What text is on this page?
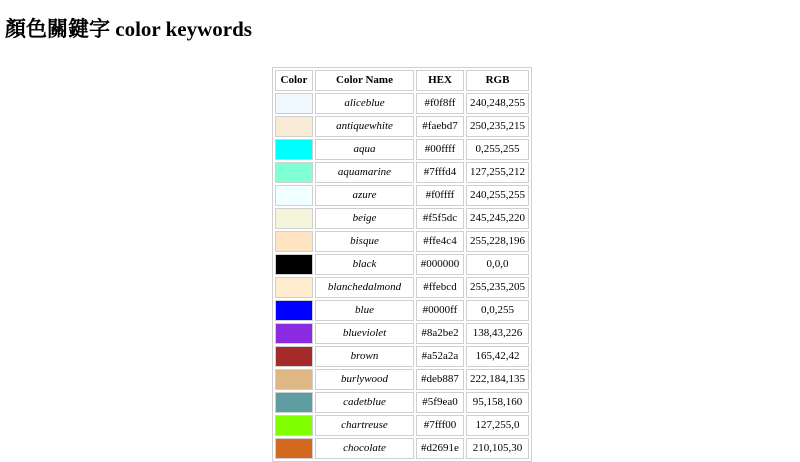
顏色關鍵字 color keywords
Color	Color Name	HEX	RGB
	aliceblue	#f0f8ff	240,248,255
	antiquewhite	#faebd7	250,235,215
	aqua	#00ffff	0,255,255
	aquamarine	#7fffd4	127,255,212
	azure	#f0ffff	240,255,255
	beige	#f5f5dc	245,245,220
	bisque	#ffe4c4	255,228,196
	black	#000000	0,0,0
	blanchedalmond	#ffebcd	255,235,205
	blue	#0000ff	0,0,255
	blueviolet	#8a2be2	138,43,226
	brown	#a52a2a	165,42,42
	burlywood	#deb887	222,184,135
	cadetblue	#5f9ea0	95,158,160
	chartreuse	#7fff00	127,255,0
	chocolate	#d2691e	210,105,30
